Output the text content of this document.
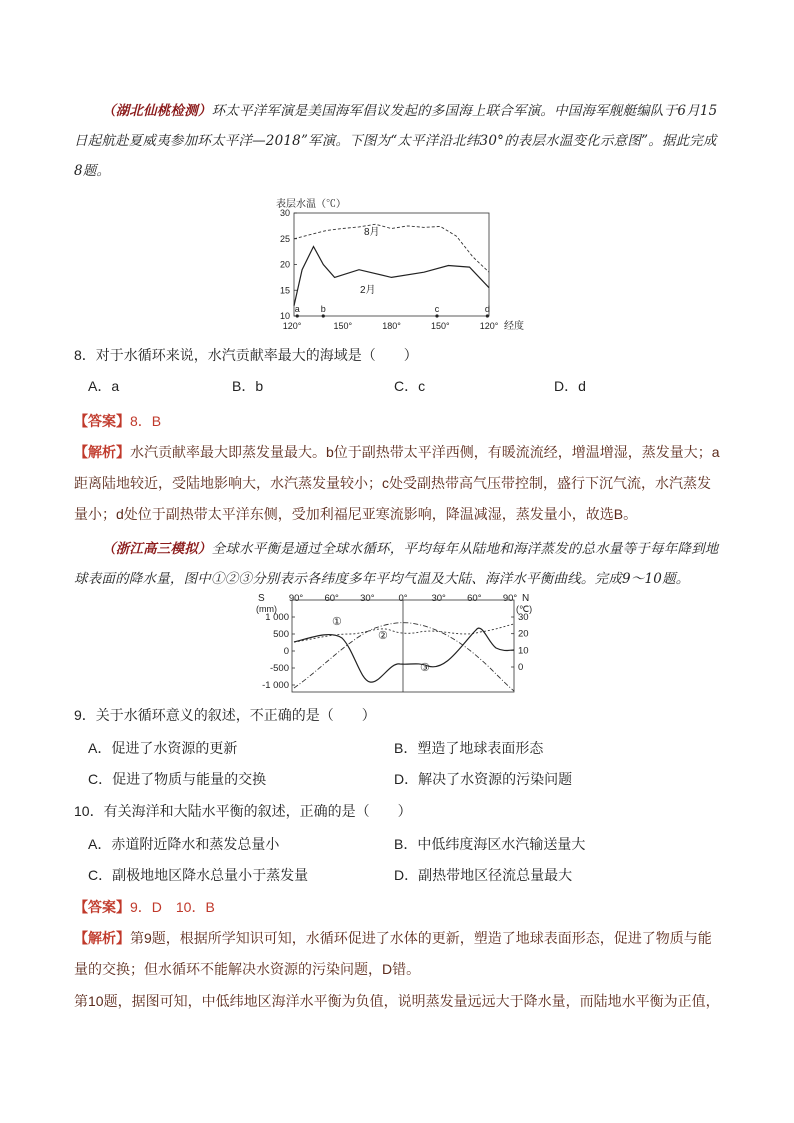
（湖北仙桃检测）环太平洋军演是美国海军倡议发起的多国海上联合军演。中国海军舰艇编队于6月15日起航赴夏威夷参加环太平洋—2018”军演。下图为“太平洋沿北纬30°的表层水温变化示意图”。据此完成8题。
表层水温（℃）
10
15
20
25
30
120°	150°	180°	150°	120°
8月
2月
a b	c	d
经度
8．对于水循环来说，水汽贡献率最大的海域是（　　）
A．a	B．b	C．c	D．d
【答案】8．B
【解析】水汽贡献率最大即蒸发量最大。b位于副热带太平洋西侧，有暖流流经，增温增湿，蒸发量大；a距离陆地较近，受陆地影响大，水汽蒸发量较小；c处受副热带高气压带控制，盛行下沉气流，水汽蒸发量小；d处位于副热带太平洋东侧，受加利福尼亚寒流影响，降温减湿，蒸发量小，故选B。
（浙江高三模拟）全球水平衡是通过全球水循环，平均每年从陆地和海洋蒸发的总水量等于每年降到地球表面的降水量，图中①②③分别表示各纬度多年平均气温及大陆、海洋水平衡曲线。完成9～10题。
S	N
(mm)	(℃)
90° 60° 30°	0°	30° 60° 90°
1 000
500
0
-500
-1 000
30
20
10
0
①
②
③
9．关于水循环意义的叙述，不正确的是（　　）
A．促进了水资源的更新	B．塑造了地球表面形态
C．促进了物质与能量的交换	D．解决了水资源的污染问题
10．有关海洋和大陆水平衡的叙述，正确的是（　　）
A．赤道附近降水和蒸发总量小	B．中低纬度海区水汽输送量大
C．副极地地区降水总量小于蒸发量	D．副热带地区径流总量最大
【答案】9．D　10．B
【解析】第9题，根据所学知识可知，水循环促进了水体的更新，塑造了地球表面形态，促进了物质与能量的交换；但水循环不能解决水资源的污染问题，D错。
第10题，据图可知，中低纬地区海洋水平衡为负值，说明蒸发量远远大于降水量，而陆地水平衡为正值，
